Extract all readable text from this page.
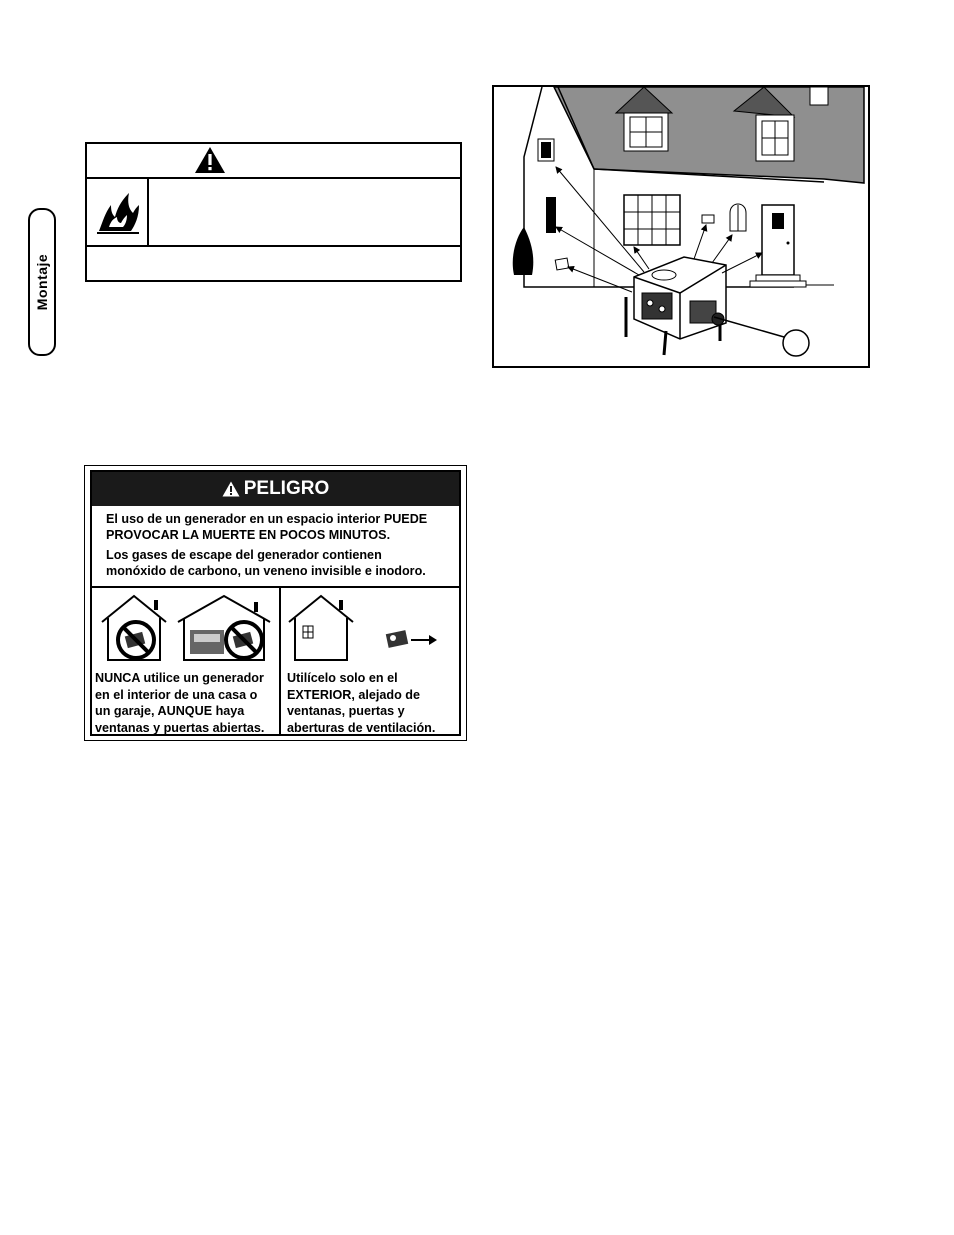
Montaje
PELIGRO

El uso de un generador en un espacio interior PUEDE
PROVOCAR LA MUERTE EN POCOS MINUTOS.

Los gases de escape del generador contienen
monóxido de carbono, un veneno invisible e inodoro.

NUNCA utilice un generador
en el interior de una casa o
un garaje, AUNQUE haya
ventanas y puertas abiertas.
Utilícelo solo en el
EXTERIOR, alejado de
ventanas, puertas y
aberturas de ventilación.
